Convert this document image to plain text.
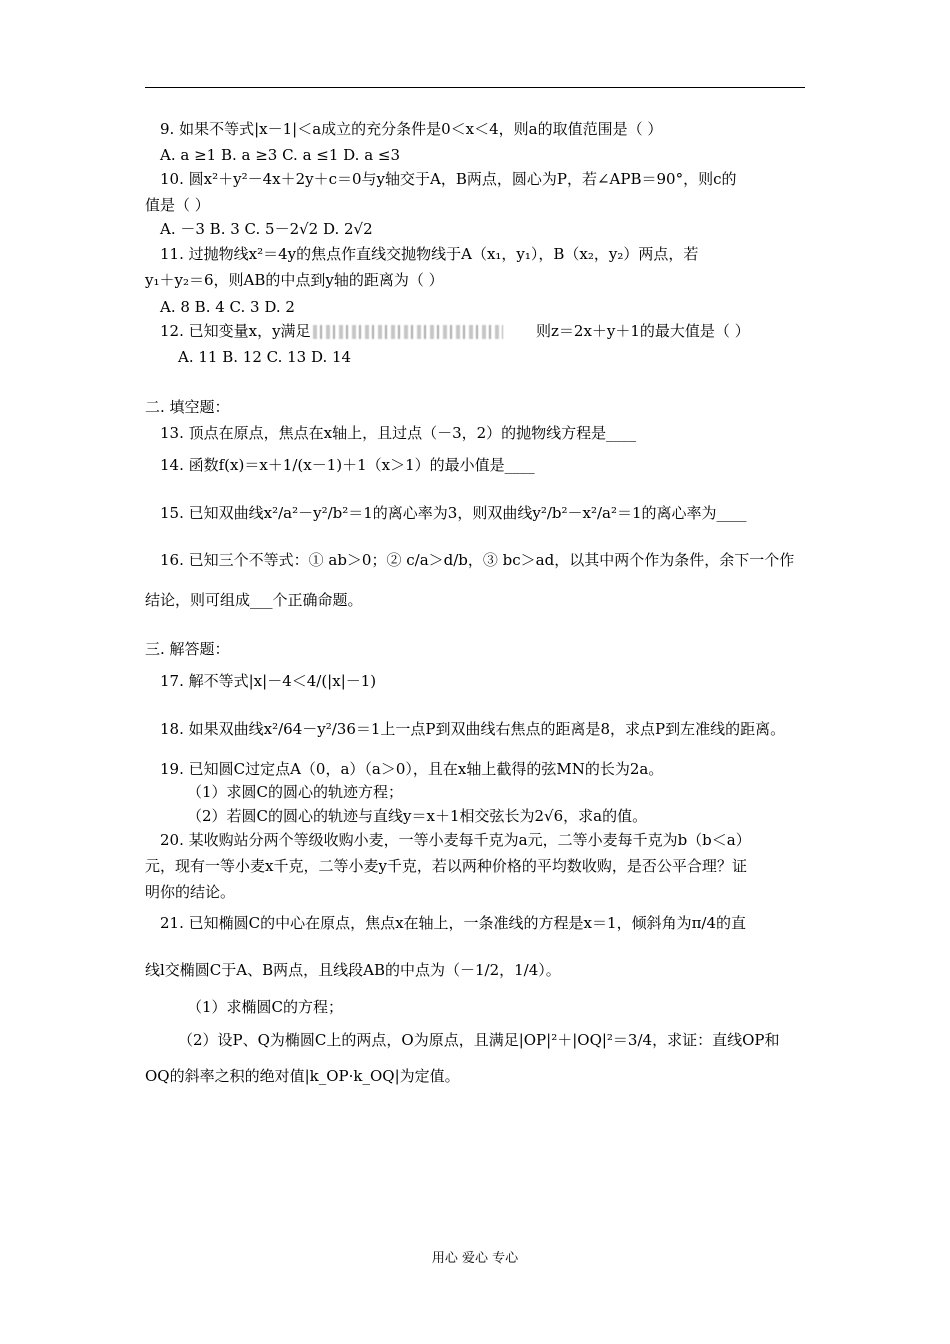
9. 如果不等式|x－1|＜a成立的充分条件是0＜x＜4，则a的取值范围是（ ）
A. a ≥1 B. a ≥3 C. a ≤1 D. a ≤3
10. 圆x²＋y²－4x＋2y＋c＝0与y轴交于A，B两点，圆心为P，若∠APB＝90°，则c的
值是（ ）
A. －3 B. 3 C. 5－2√2 D. 2√2
11. 过抛物线x²＝4y的焦点作直线交抛物线于A（x₁，y₁），B（x₂，y₂）两点，若
y₁＋y₂＝6，则AB的中点到y轴的距离为（ ）
A. 8 B. 4 C. 3 D. 2
12. 已知变量x，y满足	则z＝2x＋y＋1的最大值是（ ）
A. 11 B. 12 C. 13 D. 14
二. 填空题：
13. 顶点在原点，焦点在x轴上，且过点（－3，2）的抛物线方程是____
14. 函数f(x)＝x＋1/(x－1)＋1（x＞1）的最小值是____
15. 已知双曲线x²/a²－y²/b²＝1的离心率为3，则双曲线y²/b²－x²/a²＝1的离心率为____
16. 已知三个不等式：① ab＞0；② c/a＞d/b，③ bc＞ad，以其中两个作为条件，余下一个作
结论，则可组成___个正确命题。
三. 解答题：
17. 解不等式|x|－4＜4/(|x|－1)
18. 如果双曲线x²/64－y²/36＝1上一点P到双曲线右焦点的距离是8，求点P到左准线的距离。
19. 已知圆C过定点A（0，a）（a＞0），且在x轴上截得的弦MN的长为2a。
（1）求圆C的圆心的轨迹方程；
（2）若圆C的圆心的轨迹与直线y＝x＋1相交弦长为2√6，求a的值。
20. 某收购站分两个等级收购小麦，一等小麦每千克为a元，二等小麦每千克为b（b＜a）
元，现有一等小麦x千克，二等小麦y千克，若以两种价格的平均数收购，是否公平合理？证
明你的结论。
21. 已知椭圆C的中心在原点，焦点x在轴上，一条准线的方程是x＝1，倾斜角为π/4的直
线l交椭圆C于A、B两点，且线段AB的中点为（－1/2，1/4）。
（1）求椭圆C的方程；
（2）设P、Q为椭圆C上的两点，O为原点，且满足|OP|²＋|OQ|²＝3/4，求证：直线OP和
OQ的斜率之积的绝对值|k_OP·k_OQ|为定值。
用心 爱心 专心
